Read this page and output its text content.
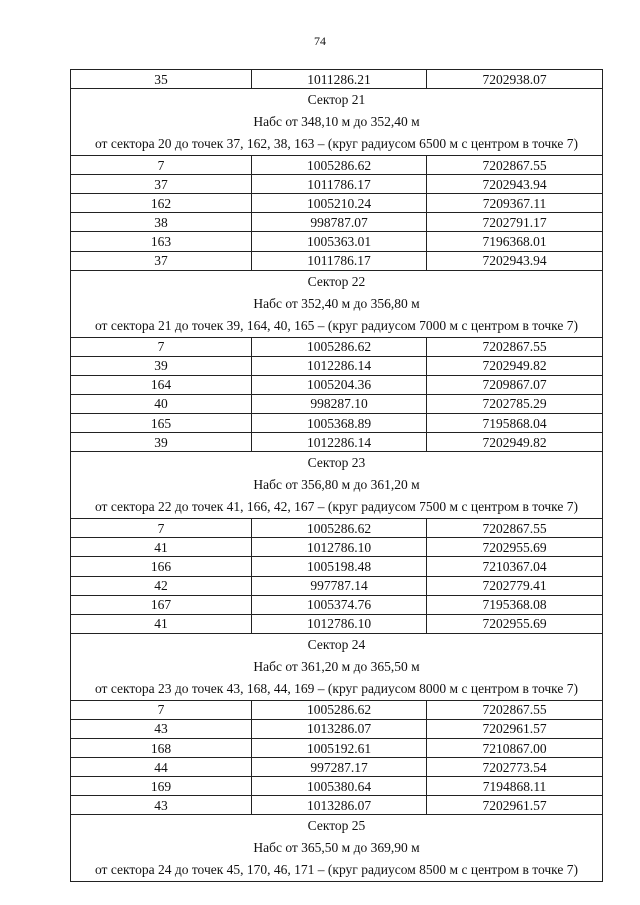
74
35	1011286.21	7202938.07

Сектор 21
Набс от 348,10 м до 352,40 м
от сектора 20 до точек 37, 162, 38, 163 – (круг радиусом 6500 м с центром в точке 7)		

7	1005286.62	7202867.55
37	1011786.17	7202943.94
162	1005210.24	7209367.11
38	998787.07	7202791.17
163	1005363.01	7196368.01
37	1011786.17	7202943.94

Сектор 22
Набс от 352,40 м до 356,80 м
от сектора 21 до точек 39, 164, 40, 165 – (круг радиусом 7000 м с центром в точке 7)		

7	1005286.62	7202867.55
39	1012286.14	7202949.82
164	1005204.36	7209867.07
40	998287.10	7202785.29
165	1005368.89	7195868.04
39	1012286.14	7202949.82

Сектор 23
Набс от 356,80 м до 361,20 м
от сектора 22 до точек 41, 166, 42, 167 – (круг радиусом 7500 м с центром в точке 7)		

7	1005286.62	7202867.55
41	1012786.10	7202955.69
166	1005198.48	7210367.04
42	997787.14	7202779.41
167	1005374.76	7195368.08
41	1012786.10	7202955.69

Сектор 24
Набс от 361,20 м до 365,50 м
от сектора 23 до точек 43, 168, 44, 169 – (круг радиусом 8000 м с центром в точке 7)		

7	1005286.62	7202867.55
43	1013286.07	7202961.57
168	1005192.61	7210867.00
44	997287.17	7202773.54
169	1005380.64	7194868.11
43	1013286.07	7202961.57

Сектор 25
Набс от 365,50 м до 369,90 м
от сектора 24 до точек 45, 170, 46, 171 – (круг радиусом 8500 м с центром в точке 7)		
